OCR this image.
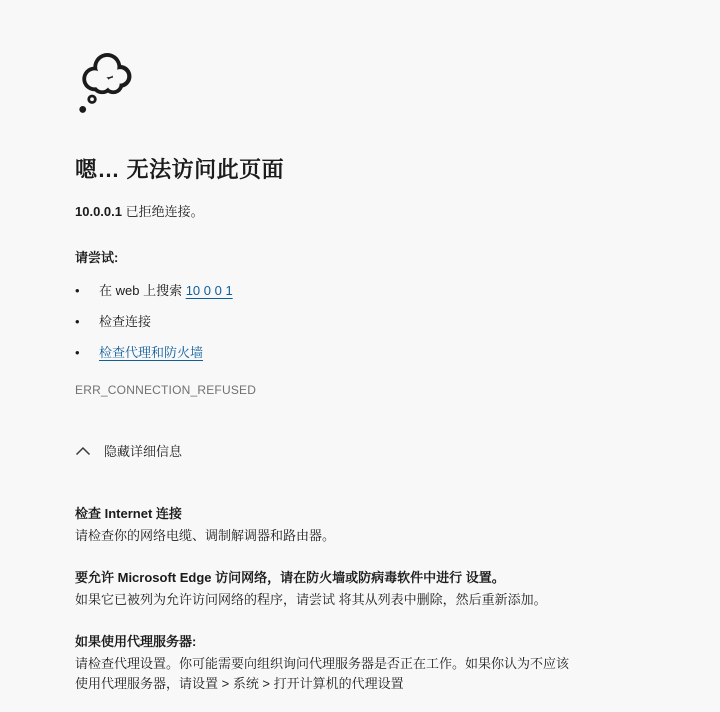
嗯… 无法访问此页面

10.0.0.1 已拒绝连接。

请尝试:

•	在 web 上搜索 10 0 0 1
•	检查连接
•	检查代理和防火墙

ERR_CONNECTION_REFUSED

隐藏详细信息
检查 Internet 连接

请检查你的网络电缆、调制解调器和路由器。

要允许 Microsoft Edge 访问网络，请在防火墙或防病毒软件中进行 设置。

如果它已被列为允许访问网络的程序，请尝试 将其从列表中删除，然后重新添加。

如果使用代理服务器:

请检查代理设置。你可能需要向组织询问代理服务器是否正在工作。如果你认为不应该使用代理服务器，请设置 > 系统 > 打开计算机的代理设置
